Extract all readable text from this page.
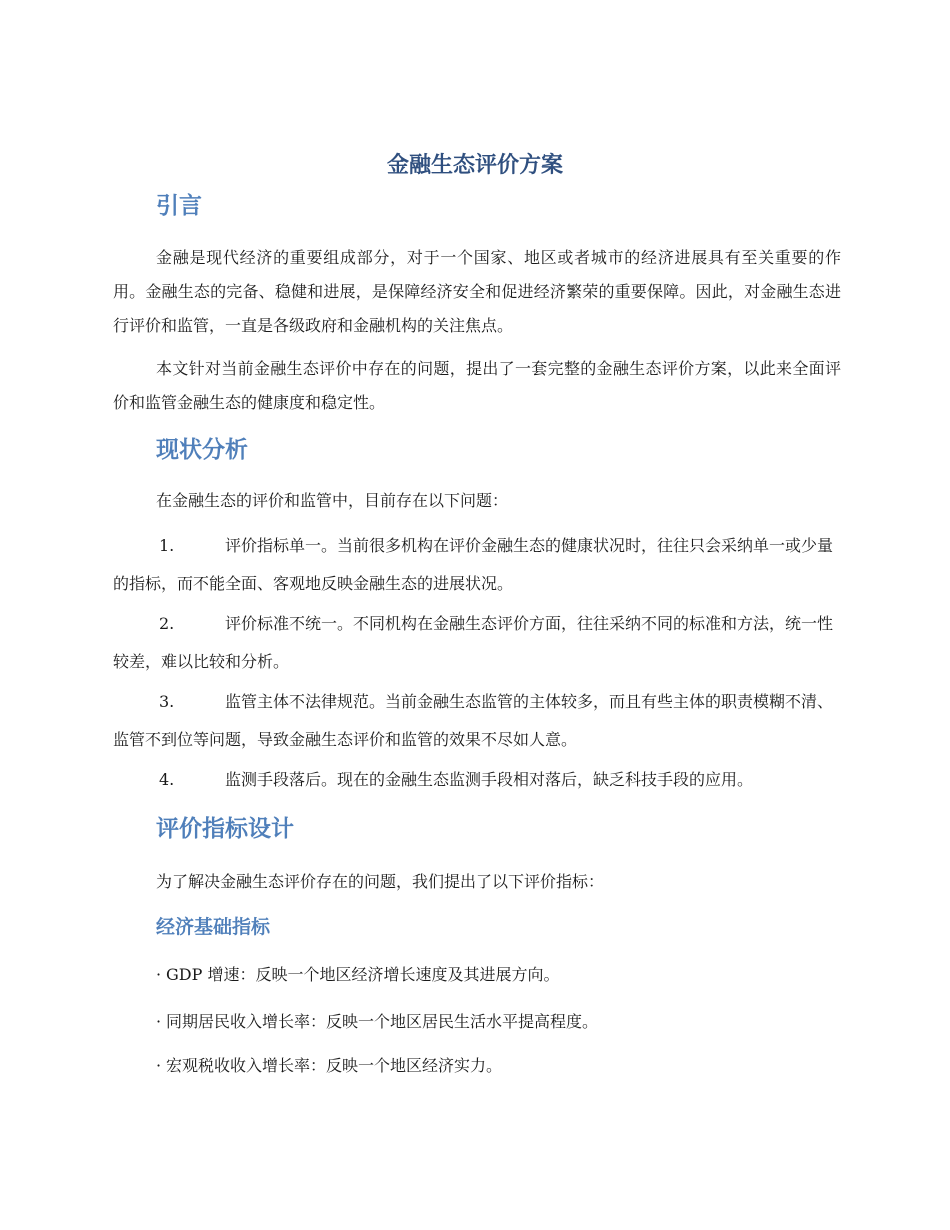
金融生态评价方案
引言

金融是现代经济的重要组成部分，对于一个国家、地区或者城市的经济进展具有至关重要的作用。金融生态的完备、稳健和进展，是保障经济安全和促进经济繁荣的重要保障。因此，对金融生态进行评价和监管，一直是各级政府和金融机构的关注焦点。

本文针对当前金融生态评价中存在的问题，提出了一套完整的金融生态评价方案，以此来全面评价和监管金融生态的健康度和稳定性。

现状分析

在金融生态的评价和监管中，目前存在以下问题：

1.	评价指标单一。当前很多机构在评价金融生态的健康状况时，往往只会采纳单一或少量的指标，而不能全面、客观地反映金融生态的进展状况。
2.	评价标准不统一。不同机构在金融生态评价方面，往往采纳不同的标准和方法，统一性较差，难以比较和分析。
3.	监管主体不法律规范。当前金融生态监管的主体较多，而且有些主体的职责模糊不清、监管不到位等问题，导致金融生态评价和监管的效果不尽如人意。
4.	监测手段落后。现在的金融生态监测手段相对落后，缺乏科技手段的应用。
评价指标设计

为了解决金融生态评价存在的问题，我们提出了以下评价指标：

经济基础指标

· GDP 增速：反映一个地区经济增长速度及其进展方向。

· 同期居民收入增长率：反映一个地区居民生活水平提高程度。

· 宏观税收收入增长率：反映一个地区经济实力。
